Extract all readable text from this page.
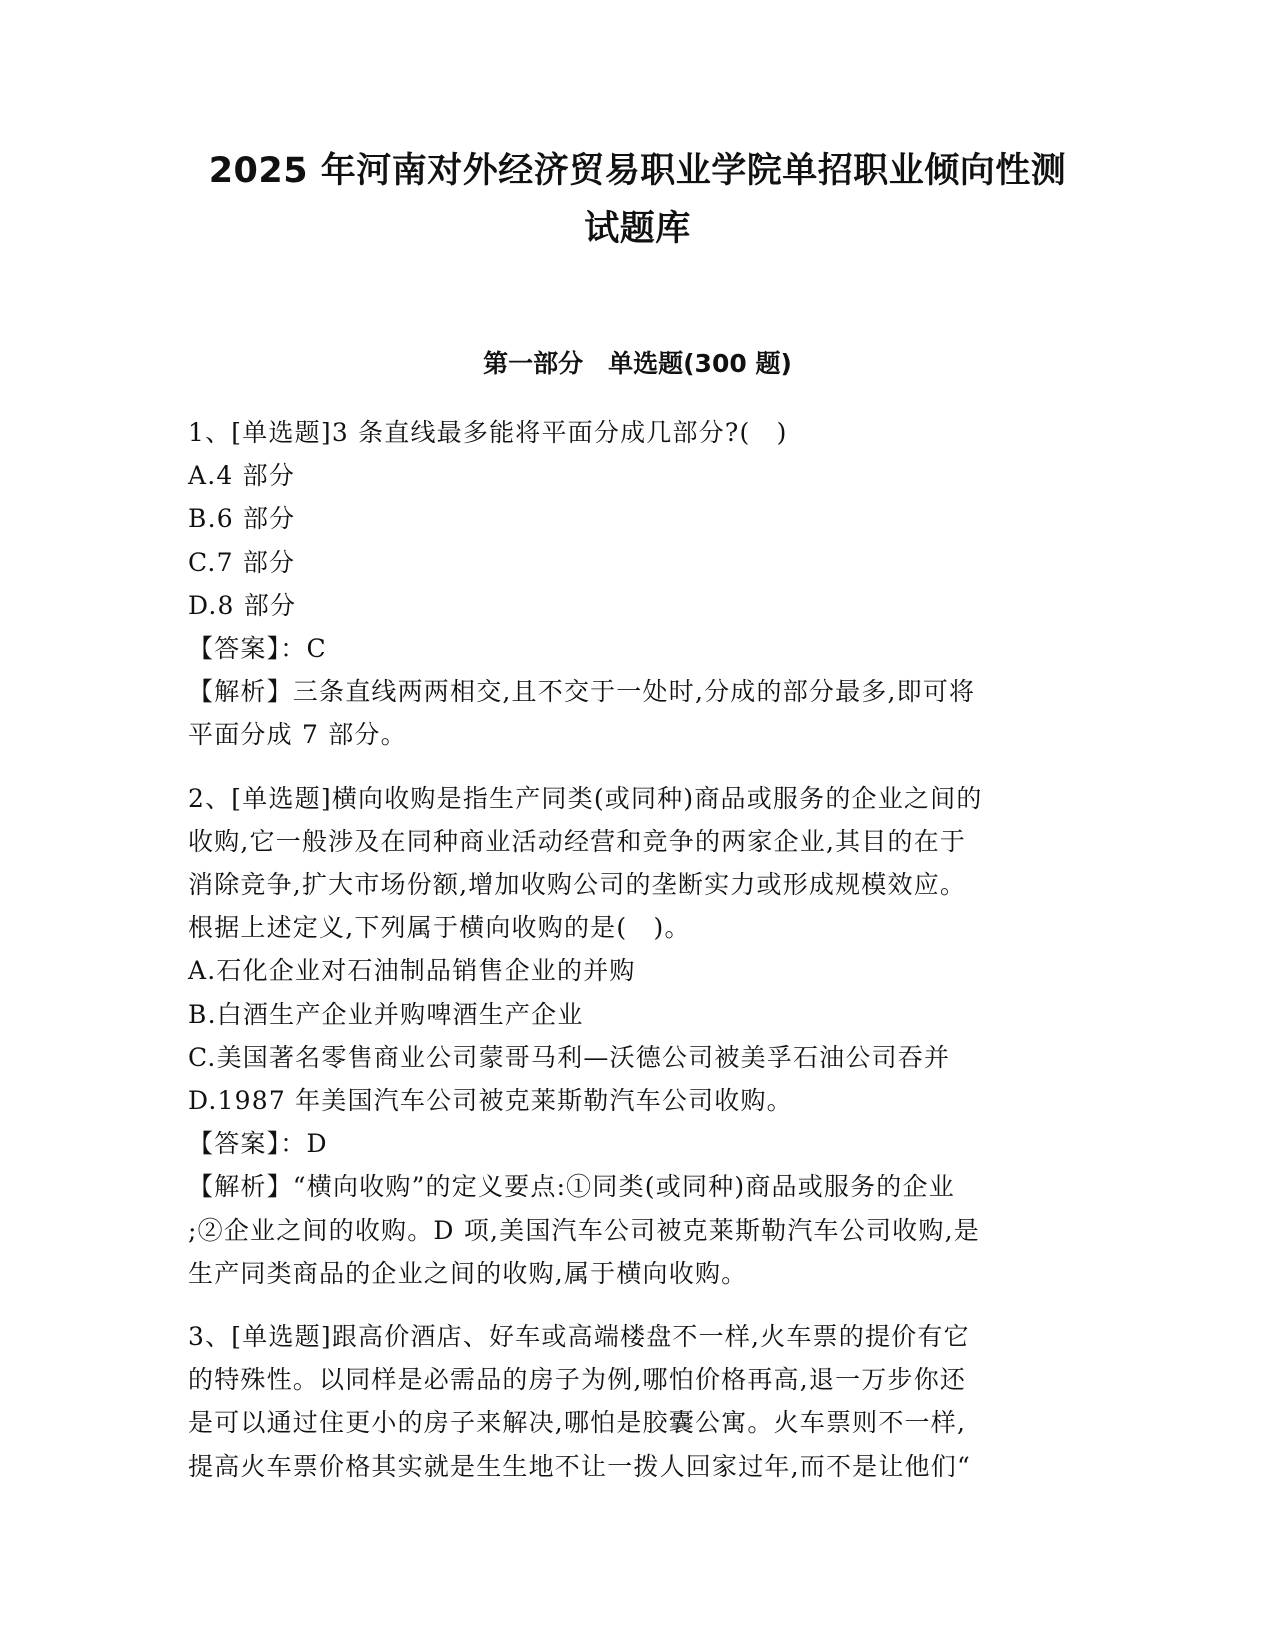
2025 年河南对外经济贸易职业学院单招职业倾向性测
试题库
第一部分　单选题(300 题)
1、[单选题]3 条直线最多能将平面分成几部分?(　)
A.4 部分
B.6 部分
C.7 部分
D.8 部分
【答案】：C
【解析】三条直线两两相交,且不交于一处时,分成的部分最多,即可将
平面分成 7 部分。
2、[单选题]横向收购是指生产同类(或同种)商品或服务的企业之间的
收购,它一般涉及在同种商业活动经营和竞争的两家企业,其目的在于
消除竞争,扩大市场份额,增加收购公司的垄断实力或形成规模效应。
根据上述定义,下列属于横向收购的是(　)。
A.石化企业对石油制品销售企业的并购
B.白酒生产企业并购啤酒生产企业
C.美国著名零售商业公司蒙哥马利—沃德公司被美孚石油公司吞并
D.1987 年美国汽车公司被克莱斯勒汽车公司收购。
【答案】：D
【解析】“横向收购”的定义要点:①同类(或同种)商品或服务的企业
;②企业之间的收购。D 项,美国汽车公司被克莱斯勒汽车公司收购,是
生产同类商品的企业之间的收购,属于横向收购。
3、[单选题]跟高价酒店、好车或高端楼盘不一样,火车票的提价有它
的特殊性。以同样是必需品的房子为例,哪怕价格再高,退一万步你还
是可以通过住更小的房子来解决,哪怕是胶囊公寓。火车票则不一样,
提高火车票价格其实就是生生地不让一拨人回家过年,而不是让他们“
